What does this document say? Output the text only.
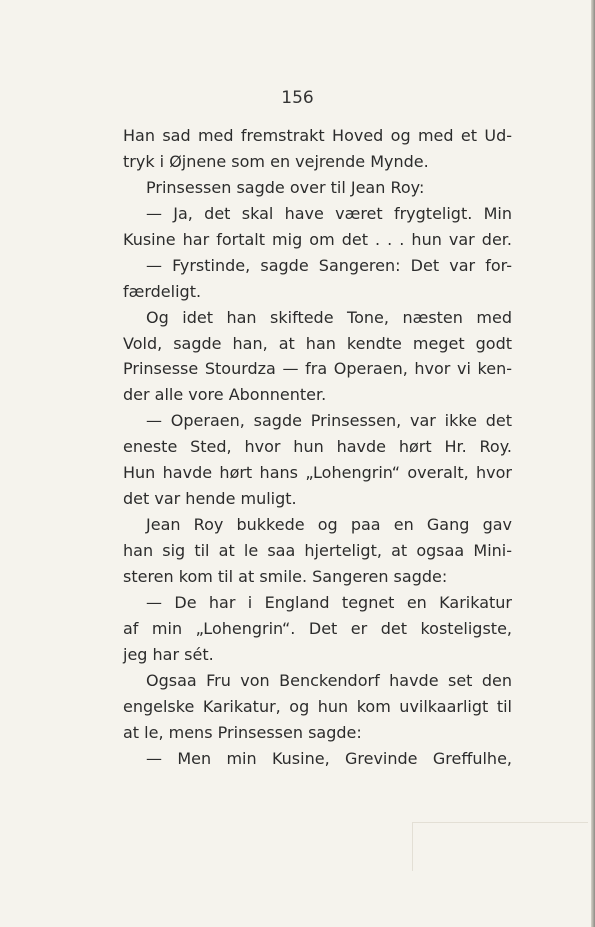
156
Han sad med fremstrakt Hoved og med et Ud-
tryk i Øjnene som en vejrende Mynde.
Prinsessen sagde over til Jean Roy:
— Ja, det skal have været frygteligt. Min
Kusine har fortalt mig om det . . . hun var der.
— Fyrstinde, sagde Sangeren: Det var for-
færdeligt.
Og idet han skiftede Tone, næsten med
Vold, sagde han, at han kendte meget godt
Prinsesse Stourdza — fra Operaen, hvor vi ken-
der alle vore Abonnenter.
— Operaen, sagde Prinsessen, var ikke det
eneste Sted, hvor hun havde hørt Hr. Roy.
Hun havde hørt hans „Lohengrin“ overalt, hvor
det var hende muligt.
Jean Roy bukkede og paa en Gang gav
han sig til at le saa hjerteligt, at ogsaa Mini-
steren kom til at smile. Sangeren sagde:
— De har i England tegnet en Karikatur
af min „Lohengrin“. Det er det kosteligste,
jeg har sét.
Ogsaa Fru von Benckendorf havde set den
engelske Karikatur, og hun kom uvilkaarligt til
at le, mens Prinsessen sagde:
— Men min Kusine, Grevinde Greffulhe,
